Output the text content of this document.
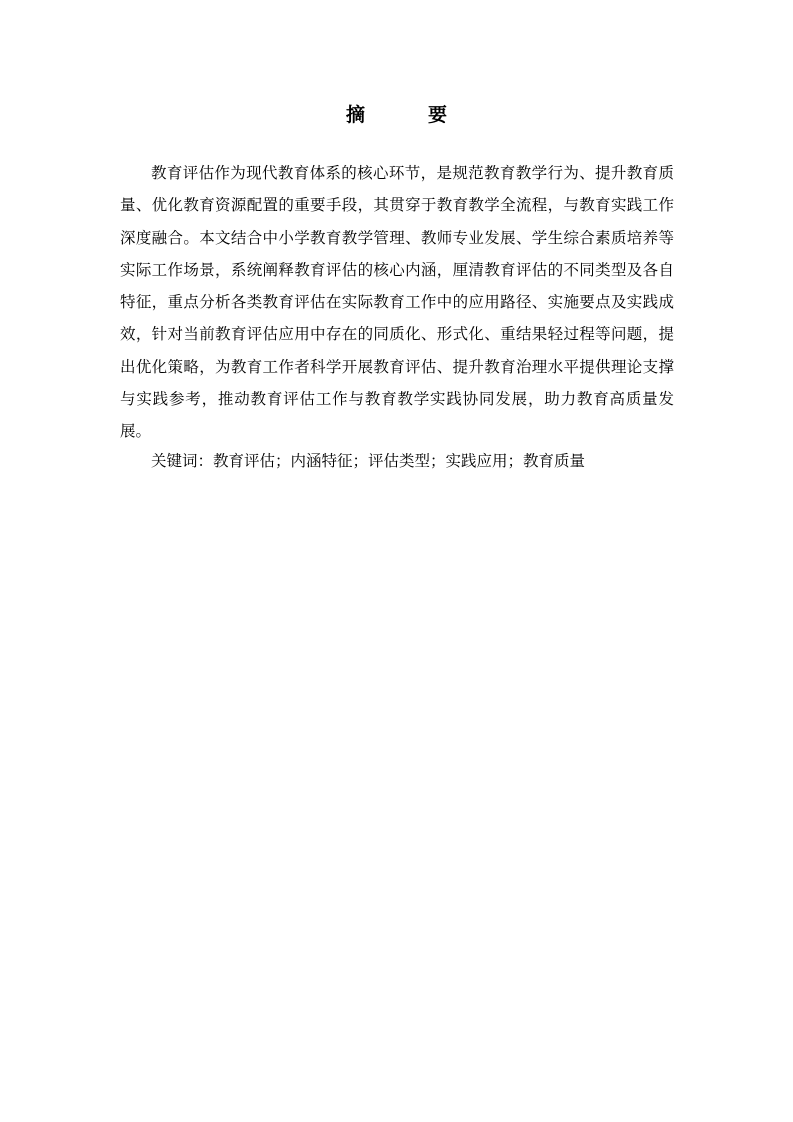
摘　要

教育评估作为现代教育体系的核心环节，是规范教育教学行为、提升教育质量、优化教育资源配置的重要手段，其贯穿于教育教学全流程，与教育实践工作深度融合。本文结合中小学教育教学管理、教师专业发展、学生综合素质培养等实际工作场景，系统阐释教育评估的核心内涵，厘清教育评估的不同类型及各自特征，重点分析各类教育评估在实际教育工作中的应用路径、实施要点及实践成效，针对当前教育评估应用中存在的同质化、形式化、重结果轻过程等问题，提出优化策略，为教育工作者科学开展教育评估、提升教育治理水平提供理论支撑与实践参考，推动教育评估工作与教育教学实践协同发展，助力教育高质量发展。

关键词：教育评估；内涵特征；评估类型；实践应用；教育质量
